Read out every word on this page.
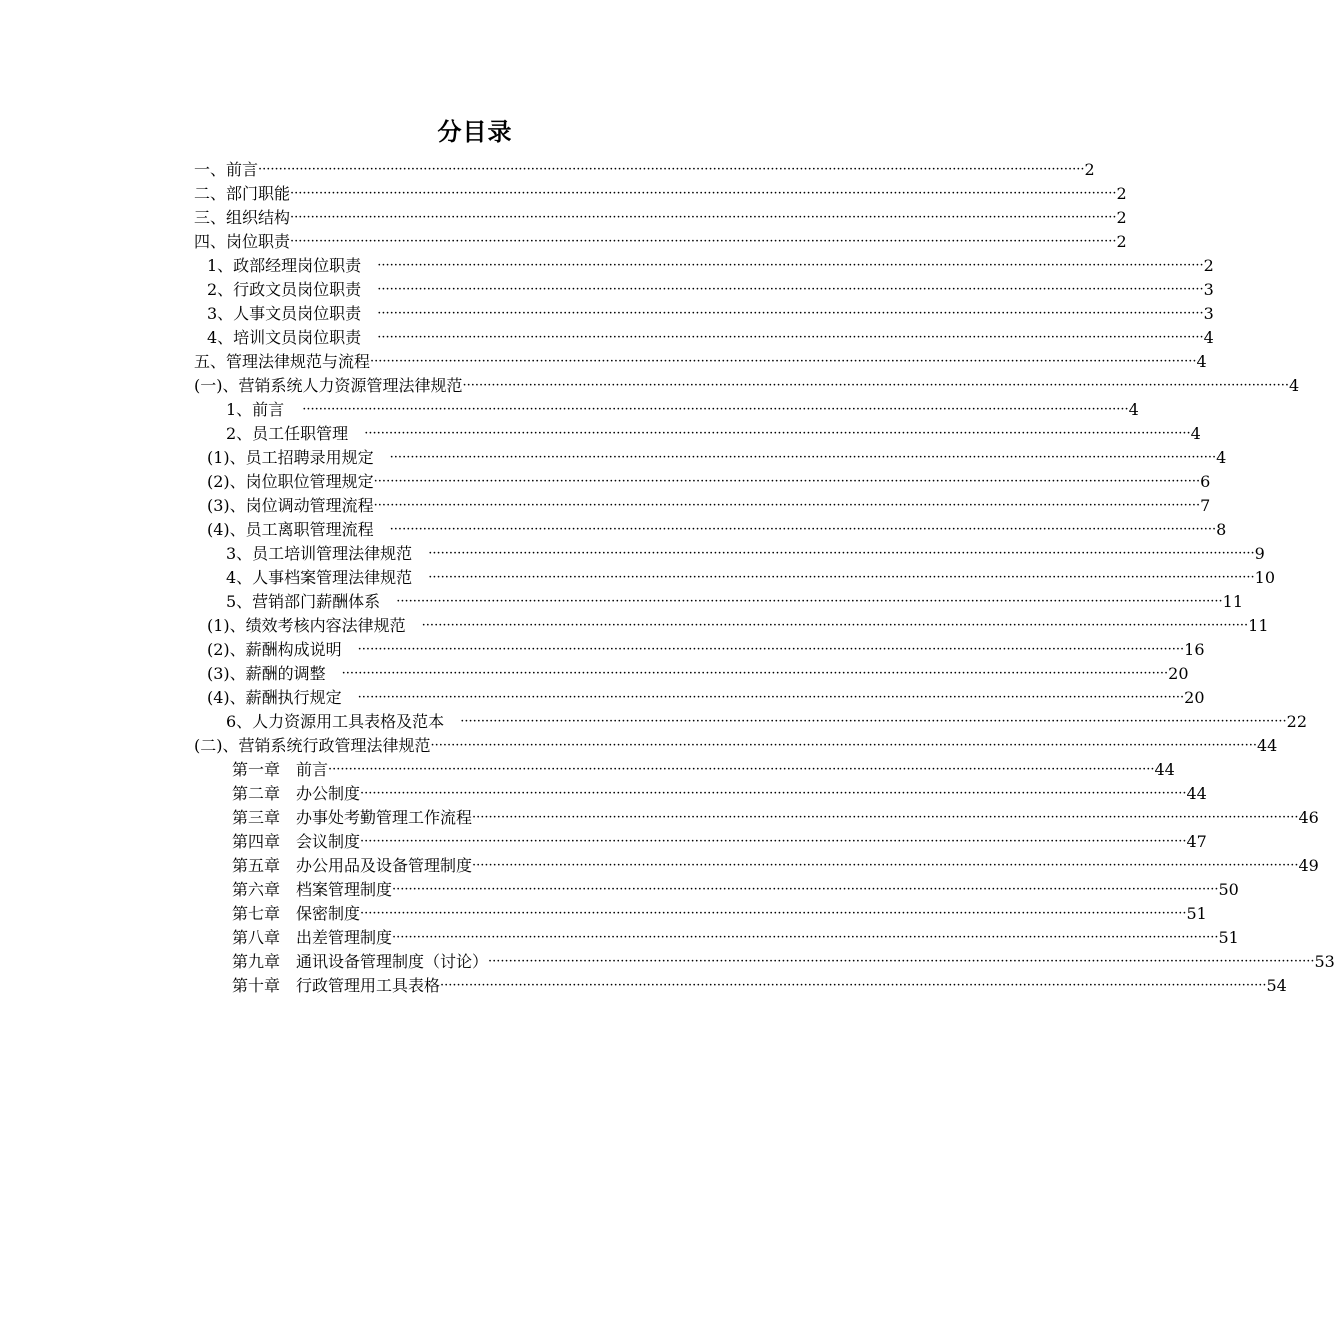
分目录
一、前言 ········································································································································································································ 2
二、部门职能 ········································································································································································································ 2
三、组织结构 ········································································································································································································ 2
四、岗位职责 ········································································································································································································ 2
1、政部经理岗位职责 ········································································································································································································ 2
2、行政文员岗位职责 ········································································································································································································ 3
3、人事文员岗位职责 ········································································································································································································ 3
4、培训文员岗位职责 ········································································································································································································ 4
五、管理法律规范与流程 ········································································································································································································ 4
(一)、营销系统人力资源管理法律规范 ········································································································································································································ 4
1、前言 ········································································································································································································ 4
2、员工任职管理 ········································································································································································································ 4
(1)、员工招聘录用规定 ········································································································································································································ 4
(2)、岗位职位管理规定 ········································································································································································································ 6
(3)、岗位调动管理流程 ········································································································································································································ 7
(4)、员工离职管理流程 ········································································································································································································ 8
3、员工培训管理法律规范 ········································································································································································································ 9
4、人事档案管理法律规范 ········································································································································································································ 10
5、营销部门薪酬体系 ········································································································································································································ 11
(1)、绩效考核内容法律规范 ········································································································································································································ 11
(2)、薪酬构成说明 ········································································································································································································ 16
(3)、薪酬的调整 ········································································································································································································ 20
(4)、薪酬执行规定 ········································································································································································································ 20
6、人力资源用工具表格及范本 ········································································································································································································ 22
(二)、营销系统行政管理法律规范 ········································································································································································································ 44
第一章　前言 ········································································································································································································ 44
第二章　办公制度 ········································································································································································································ 44
第三章　办事处考勤管理工作流程 ········································································································································································································ 46
第四章　会议制度 ········································································································································································································ 47
第五章　办公用品及设备管理制度 ········································································································································································································ 49
第六章　档案管理制度 ········································································································································································································ 50
第七章　保密制度 ········································································································································································································ 51
第八章　出差管理制度 ········································································································································································································ 51
第九章　通讯设备管理制度（讨论） ········································································································································································································ 53
第十章　行政管理用工具表格 ········································································································································································································ 54
